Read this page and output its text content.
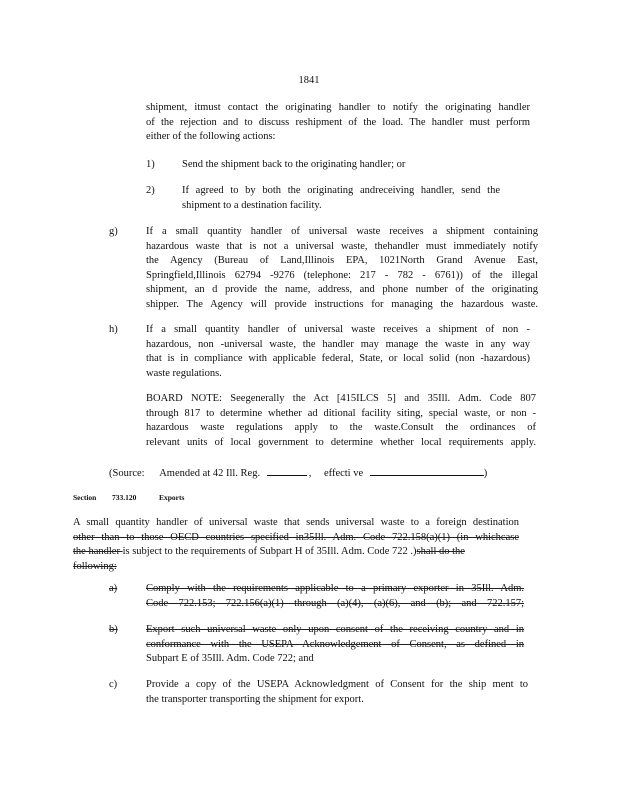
1841

shipment, itmust contact the originating handler to notify the originating handler

of the rejection and to discuss reshipment of the load. The handler must perform

either of the following actions:

1)	Send the shipment back to the originating handler; or

2)	If agreed to by both the originating andreceiving handler, send the

shipment to a destination facility.

g)	If a small quantity handler of universal waste receives a shipment containing

hazardous waste that is not a universal waste, thehandler must immediately notify

the Agency (Bureau of Land,Illinois EPA, 1021North Grand Avenue East,

Springfield,Illinois 62794 -9276 (telephone: 217 - 782 - 6761)) of the illegal

shipment, an d provide the name, address, and phone number of the originating

shipper. The Agency will provide instructions for managing the hazardous waste.

h)	If a small quantity handler of universal waste receives a shipment of non -

hazardous, non -universal waste, the handler may manage the waste in any way

that is in compliance with applicable federal, State, or local solid (non -hazardous)

waste regulations.

BOARD NOTE: Seegenerally the Act [415ILCS 5] and 35Ill. Adm. Code 807

through 817 to determine whether ad ditional facility siting, special waste, or non -

hazardous waste regulations apply to the waste.Consult the ordinances of

relevant units of local government to determine whether local requirements apply.

(Source: Amended at 42 Ill. Reg.	, effecti ve	)
Section 733.120	Exports

A small quantity handler of universal waste that sends universal waste to a foreign destination

other than to those OECD countries specified in35Ill. Adm. Code 722.158(a)(1) (in whichcase

the handler is subject to the requirements of Subpart H of 35Ill. Adm. Code 722 .)shall do the

following:

a)	Comply with the requirements applicable to a primary exporter in 35Ill. Adm.

Code 722.153; 722.156(a)(1) through (a)(4), (a)(6), and (b); and 722.157;

b)	Export such universal waste only upon consent of the receiving country and in

conformance with the USEPA Acknowledgement of Consent, as defined in

Subpart E of 35Ill. Adm. Code 722; and

c)	Provide a copy of the USEPA Acknowledgment of Consent for the ship ment to

the transporter transporting the shipment for export.
